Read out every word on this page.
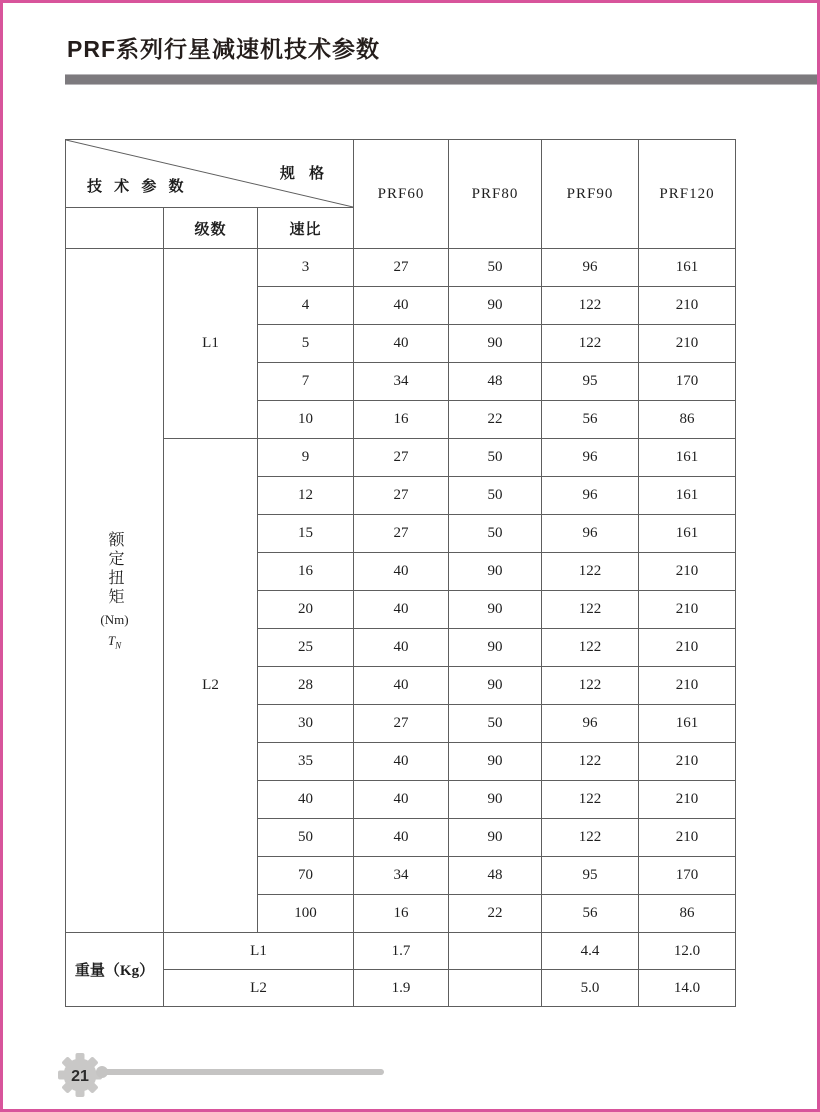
PRF系列行星减速机技术参数
规 格
技 术 参 数			PRF60	PRF80	PRF90	PRF120
	级数	速比				

额定扭矩
(Nm)
$T_N$	L1	3	27	50	96	161
		4	40	90	122	210
		5	40	90	122	210
		7	34	48	95	170
		10	16	22	56	86
	L2	9	27	50	96	161
		12	27	50	96	161
		15	27	50	96	161
		16	40	90	122	210
		20	40	90	122	210
		25	40	90	122	210
		28	40	90	122	210
		30	27	50	96	161
		35	40	90	122	210
		40	40	90	122	210
		50	40	90	122	210
		70	34	48	95	170
		100	16	22	56	86
重量（Kg）	L1		1.7		4.4	12.0
	L2		1.9		5.0	14.0
21
